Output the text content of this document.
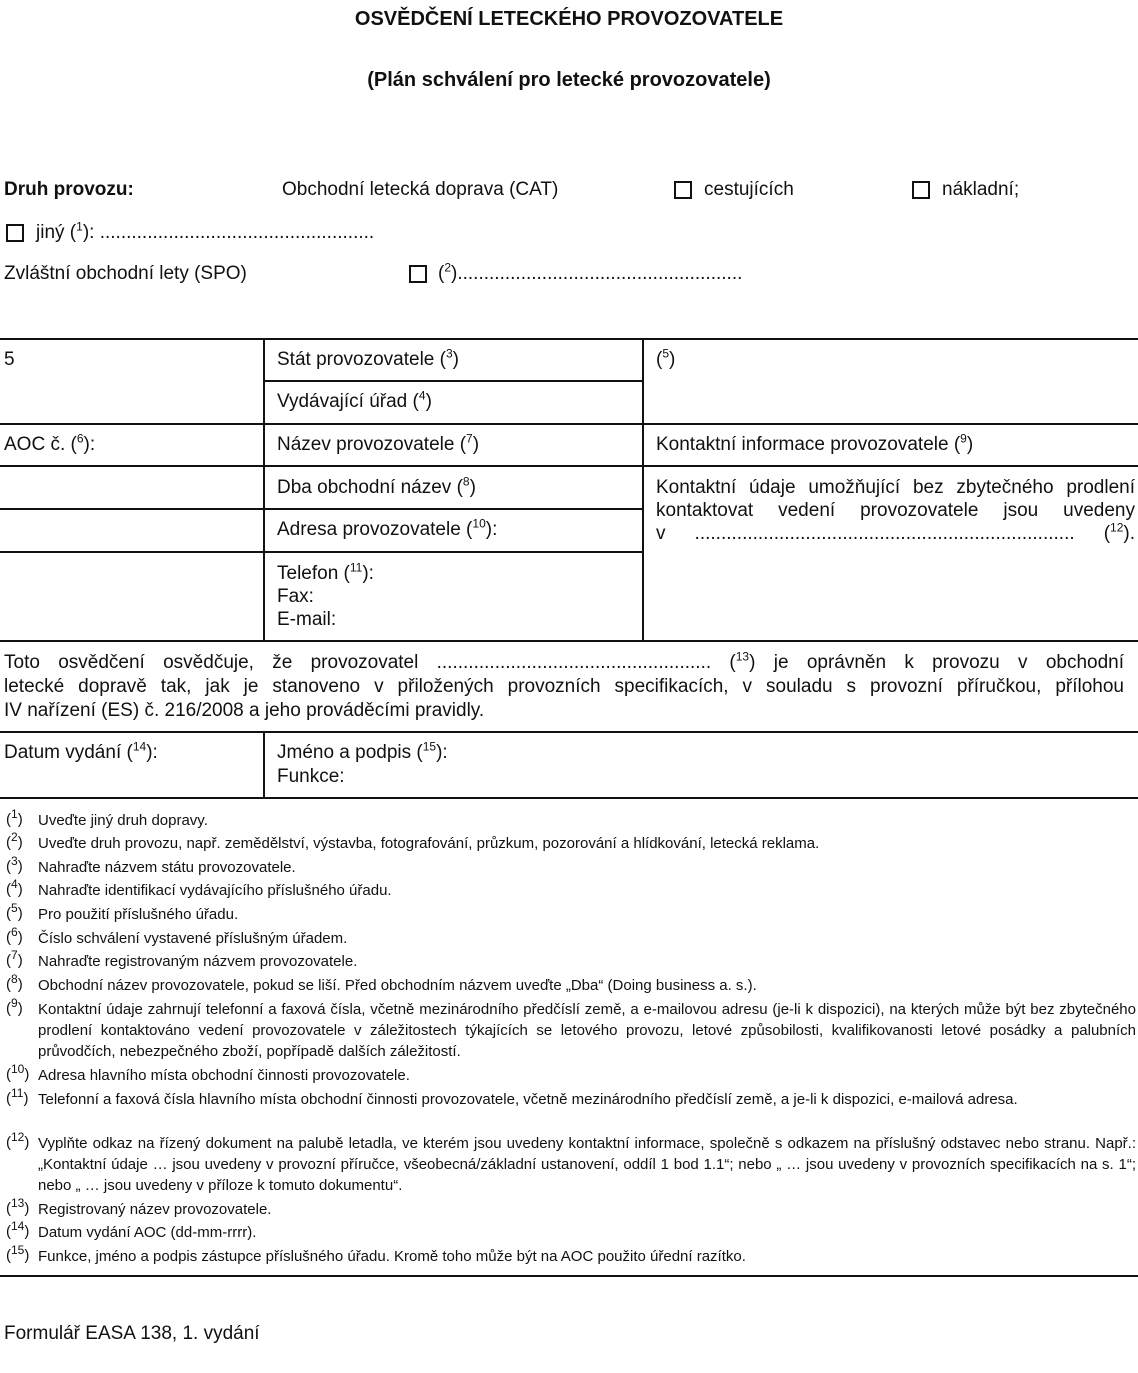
OSVĚDČENÍ LETECKÉHO PROVOZOVATELE
(Plán schválení pro letecké provozovatele)
Druh provozu:	Obchodní letecká doprava (CAT)	cestujících	nákladní;
jiný ($^1$): ....................................................
Zvláštní obchodní lety (SPO)	($^2$)......................................................
5	Stát provozovatele ($^3$)	($^5$)
Vydávající úřad ($^4$)
AOC č. ($^6$):	Název provozovatele ($^7$)	Kontaktní informace provozovatele ($^9$)
Dba obchodní název ($^8$)	Kontaktní údaje umožňující bez zbytečného prodlení
kontaktovat vedení provozovatele jsou uvedeny
v ........................................................................ ($^{12}$).
Adresa provozovatele ($^{10}$):
Telefon ($^{11}$):
Fax:
E-mail:
Toto osvědčení osvědčuje, že provozovatel .................................................... ($^{13}$) je oprávněn k provozu v obchodní
letecké dopravě tak, jak je stanoveno v přiložených provozních specifikacích, v souladu s provozní příručkou, přílohou
IV nařízení (ES) č. 216/2008 a jeho prováděcími pravidly.
Datum vydání ($^{14}$):	Jméno a podpis ($^{15}$):
Funkce:
($^1$)	Uveďte jiný druh dopravy.
($^2$)	Uveďte druh provozu, např. zemědělství, výstavba, fotografování, průzkum, pozorování a hlídkování, letecká reklama.
($^3$)	Nahraďte názvem státu provozovatele.
($^4$)	Nahraďte identifikací vydávajícího příslušného úřadu.
($^5$)	Pro použití příslušného úřadu.
($^6$)	Číslo schválení vystavené příslušným úřadem.
($^7$)	Nahraďte registrovaným názvem provozovatele.
($^8$)	Obchodní název provozovatele, pokud se liší. Před obchodním názvem uveďte „Dba“ (Doing business a. s.).
($^9$)	Kontaktní údaje zahrnují telefonní a faxová čísla, včetně mezinárodního předčíslí země, a e-mailovou adresu (je-li k dispozici), na kterých může být bez zbytečného prodlení kontaktováno vedení provozovatele v záležitostech týkajících se letového provozu, letové způsobilosti, kvalifikovanosti letové posádky a palubních průvodčích, nebezpečného zboží, popřípadě dalších záležitostí.
($^{10}$) Adresa hlavního místa obchodní činnosti provozovatele.
($^{11}$) Telefonní a faxová čísla hlavního místa obchodní činnosti provozovatele, včetně mezinárodního předčíslí země, a je-li k dispozici, e-mailová adresa.
($^{12}$) Vyplňte odkaz na řízený dokument na palubě letadla, ve kterém jsou uvedeny kontaktní informace, společně s odkazem na příslušný odstavec nebo stranu. Např.: „Kontaktní údaje … jsou uvedeny v provozní příručce, všeobecná/základní ustanovení, oddíl 1 bod 1.1“; nebo „ … jsou uvedeny v provozních specifikacích na s. 1“; nebo „ … jsou uvedeny v příloze k tomuto dokumentu“.
($^{13}$) Registrovaný název provozovatele.
($^{14}$) Datum vydání AOC (dd-mm-rrrr).
($^{15}$) Funkce, jméno a podpis zástupce příslušného úřadu. Kromě toho může být na AOC použito úřední razítko.
Formulář EASA 138, 1. vydání
